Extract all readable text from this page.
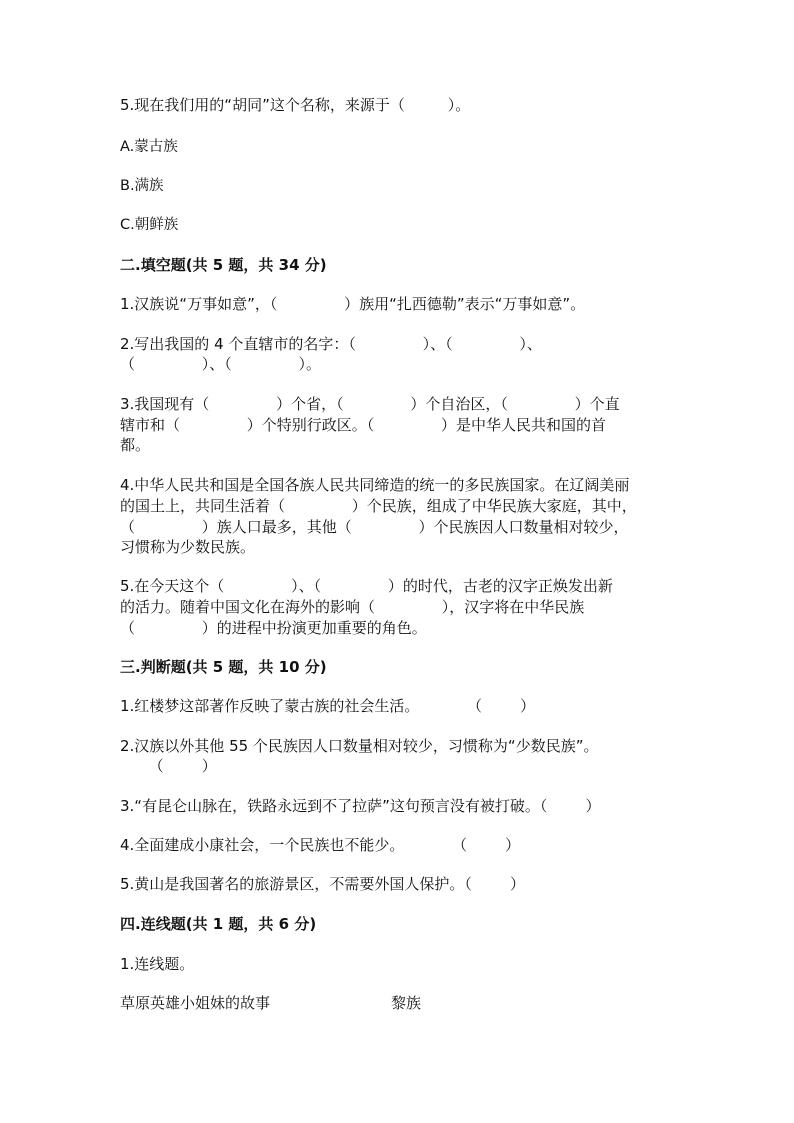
5.现在我们用的“胡同”这个名称，来源于（         ）。
A.蒙古族
B.满族
C.朝鲜族
二.填空题(共 5 题，共 34 分)
1.汉族说“万事如意”，（              ）族用“扎西德勒”表示“万事如意”。
2.写出我国的 4 个直辖市的名字：（              ）、（              ）、
（              ）、（              ）。
3.我国现有（              ）个省，（              ）个自治区，（              ）个直
辖市和（              ）个特别行政区。（              ）是中华人民共和国的首
都。
4.中华人民共和国是全国各族人民共同缔造的统一的多民族国家。在辽阔美丽
的国土上，共同生活着（              ）个民族，组成了中华民族大家庭，其中，
（              ）族人口最多，其他（              ）个民族因人口数量相对较少，
习惯称为少数民族。
5.在今天这个（              ）、（              ）的时代，古老的汉字正焕发出新
的活力。随着中国文化在海外的影响（              ），汉字将在中华民族
（              ）的进程中扮演更加重要的角色。
三.判断题(共 5 题，共 10 分)
1.红楼梦这部著作反映了蒙古族的社会生活。          （        ）
2.汉族以外其他 55 个民族因人口数量相对较少，习惯称为“少数民族”。
（        ）
3.“有昆仑山脉在，铁路永远到不了拉萨”这句预言没有被打破。（        ）
4.全面建成小康社会，一个民族也不能少。          （        ）
5.黄山是我国著名的旅游景区，不需要外国人保护。（        ）
四.连线题(共 1 题，共 6 分)
1.连线题。
草原英雄小姐妹的故事	黎族
